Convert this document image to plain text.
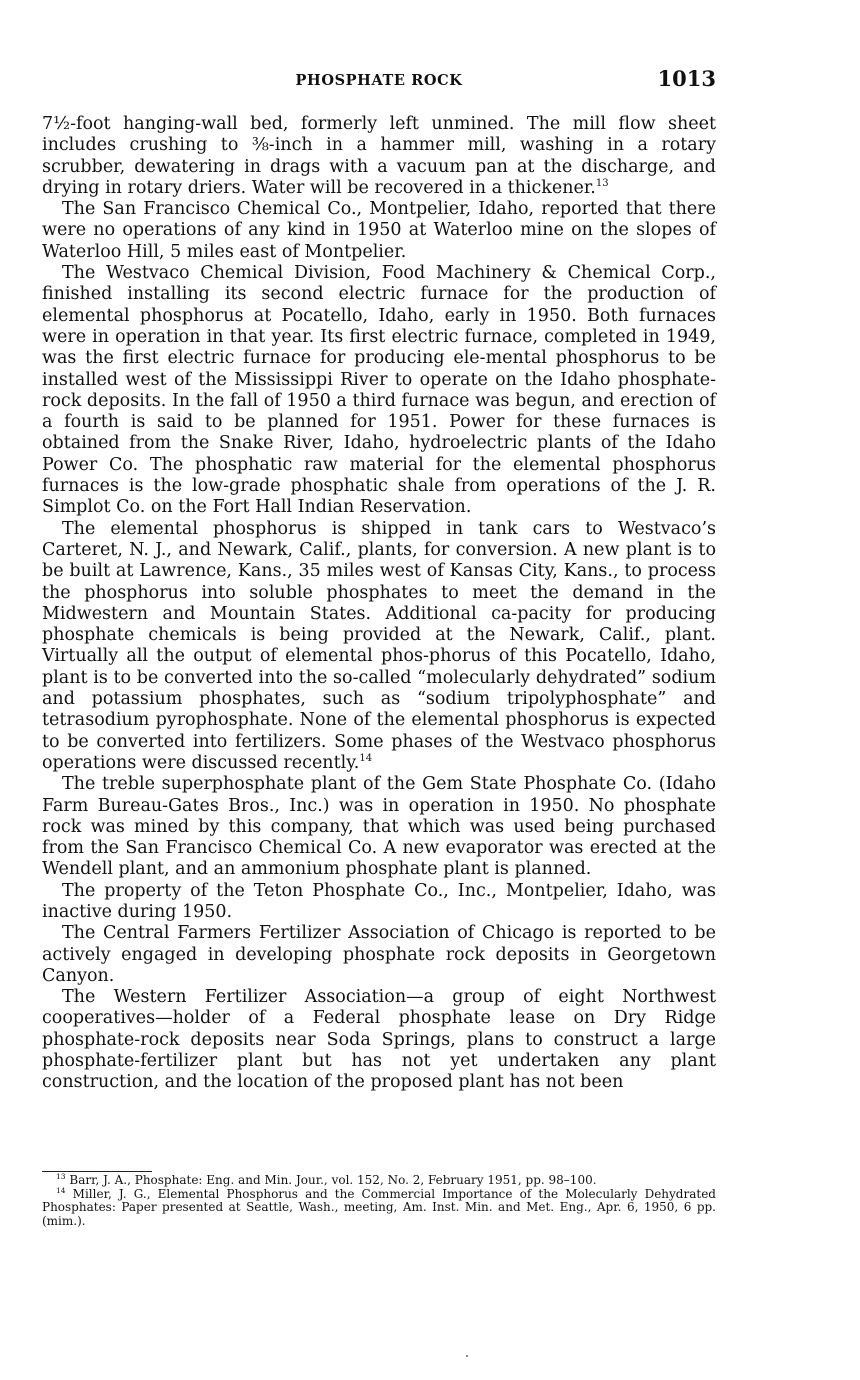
PHOSPHATE ROCK	1013

7½-foot hanging-wall bed, formerly left unmined. The mill flow sheet includes crushing to ⅜-inch in a hammer mill, washing in a rotary scrubber, dewatering in drags with a vacuum pan at the discharge, and drying in rotary driers. Water will be recovered in a thickener.$^{13}$

The San Francisco Chemical Co., Montpelier, Idaho, reported that there were no operations of any kind in 1950 at Waterloo mine on the slopes of Waterloo Hill, 5 miles east of Montpelier.

The Westvaco Chemical Division, Food Machinery & Chemical Corp., finished installing its second electric furnace for the production of elemental phosphorus at Pocatello, Idaho, early in 1950. Both furnaces were in operation in that year. Its first electric furnace, completed in 1949, was the first electric furnace for producing ele-mental phosphorus to be installed west of the Mississippi River to operate on the Idaho phosphate-rock deposits. In the fall of 1950 a third furnace was begun, and erection of a fourth is said to be planned for 1951. Power for these furnaces is obtained from the Snake River, Idaho, hydroelectric plants of the Idaho Power Co. The phosphatic raw material for the elemental phosphorus furnaces is the low-grade phosphatic shale from operations of the J. R. Simplot Co. on the Fort Hall Indian Reservation.

The elemental phosphorus is shipped in tank cars to Westvaco’s Carteret, N. J., and Newark, Calif., plants, for conversion. A new plant is to be built at Lawrence, Kans., 35 miles west of Kansas City, Kans., to process the phosphorus into soluble phosphates to meet the demand in the Midwestern and Mountain States. Additional ca-pacity for producing phosphate chemicals is being provided at the Newark, Calif., plant. Virtually all the output of elemental phos-phorus of this Pocatello, Idaho, plant is to be converted into the so-called “molecularly dehydrated” sodium and potassium phosphates, such as “sodium tripolyphosphate” and tetrasodium pyrophosphate. None of the elemental phosphorus is expected to be converted into fertilizers. Some phases of the Westvaco phosphorus operations were discussed recently.$^{14}$

The treble superphosphate plant of the Gem State Phosphate Co. (Idaho Farm Bureau-Gates Bros., Inc.) was in operation in 1950. No phosphate rock was mined by this company, that which was used being purchased from the San Francisco Chemical Co. A new evaporator was erected at the Wendell plant, and an ammonium phosphate plant is planned.

The property of the Teton Phosphate Co., Inc., Montpelier, Idaho, was inactive during 1950.

The Central Farmers Fertilizer Association of Chicago is reported to be actively engaged in developing phosphate rock deposits in Georgetown Canyon.

The Western Fertilizer Association—a group of eight Northwest cooperatives—holder of a Federal phosphate lease on Dry Ridge phosphate-rock deposits near Soda Springs, plans to construct a large phosphate-fertilizer plant but has not yet undertaken any plant construction, and the location of the proposed plant has not been

$^{13}$ Barr, J. A., Phosphate: Eng. and Min. Jour., vol. 152, No. 2, February 1951, pp. 98–100.

$^{14}$ Miller, J. G., Elemental Phosphorus and the Commercial Importance of the Molecularly Dehydrated Phosphates: Paper presented at Seattle, Wash., meeting, Am. Inst. Min. and Met. Eng., Apr. 6, 1950, 6 pp. (mim.).
